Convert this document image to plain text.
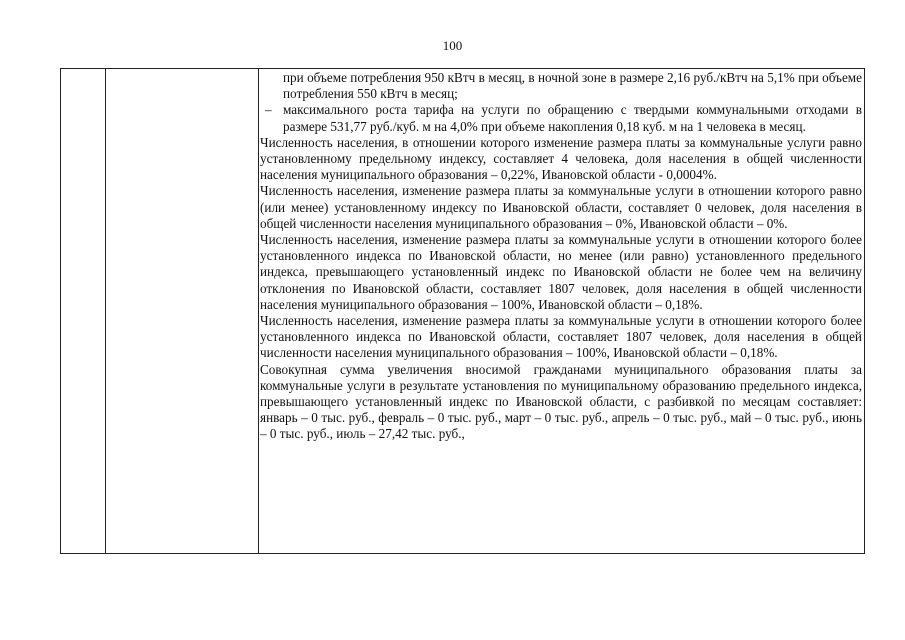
100
при объеме потребления 950 кВтч в месяц, в ночной зоне в размере 2,16 руб./кВтч на 5,1% при объеме потребления 550 кВтч в месяц;
– максимального роста тарифа на услуги по обращению с твердыми коммунальными отходами в размере 531,77 руб./куб. м на 4,0% при объеме накопления 0,18 куб. м на 1 человека в месяц.

Численность населения, в отношении которого изменение размера платы за коммунальные услуги равно установленному предельному индексу, составляет 4 человека, доля населения в общей численности населения муниципального образования – 0,22%, Ивановской области - 0,0004%.

Численность населения, изменение размера платы за коммунальные услуги в отношении которого равно (или менее) установленному индексу по Ивановской области, составляет 0 человек, доля населения в общей численности населения муниципального образования – 0%, Ивановской области – 0%.

Численность населения, изменение размера платы за коммунальные услуги в отношении которого более установленного индекса по Ивановской области, но менее (или равно) установленного предельного индекса, превышающего установленный индекс по Ивановской области не более чем на величину отклонения по Ивановской области, составляет 1807 человек, доля населения в общей численности населения муниципального образования – 100%, Ивановской области – 0,18%.

Численность населения, изменение размера платы за коммунальные услуги в отношении которого более установленного индекса по Ивановской области, составляет 1807 человек, доля населения в общей численности населения муниципального образования – 100%, Ивановской области – 0,18%.

Совокупная сумма увеличения вносимой гражданами муниципального образования платы за коммунальные услуги в результате установления по муниципальному образованию предельного индекса, превышающего установленный индекс по Ивановской области, с разбивкой по месяцам составляет: январь – 0 тыс. руб., февраль – 0 тыс. руб., март – 0 тыс. руб., апрель – 0 тыс. руб., май – 0 тыс. руб., июнь – 0 тыс. руб., июль – 27,42 тыс. руб.,
